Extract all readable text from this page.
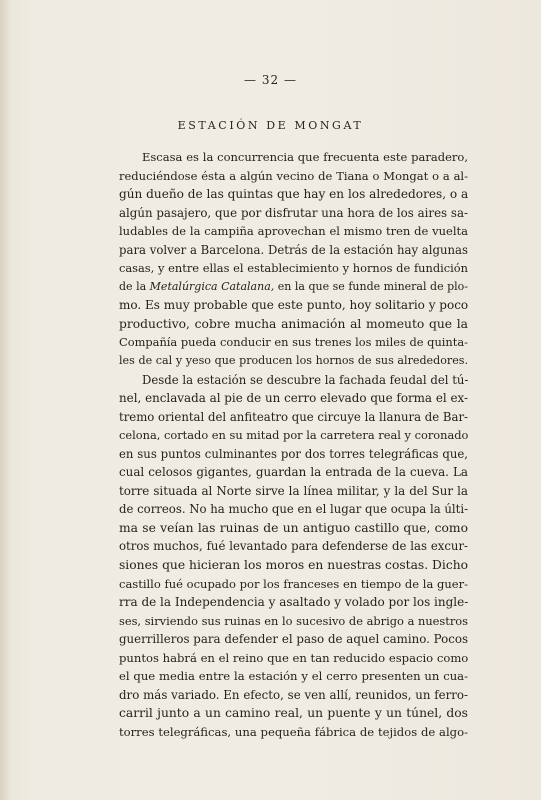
— 32 —
ESTACIÓN DE MONGAT
Escasa es la concurrencia que frecuenta este paradero,
reduciéndose ésta a algún vecino de Tiana o Mongat o a al-
gún dueño de las quintas que hay en los alrededores, o a
algún pasajero, que por disfrutar una hora de los aires sa-
ludables de la campiña aprovechan el mismo tren de vuelta
para volver a Barcelona. Detrás de la estación hay algunas
casas, y entre ellas el establecimiento y hornos de fundición
de la Metalúrgica Catalana, en la que se funde mineral de plo-
mo. Es muy probable que este punto, hoy solitario y poco
productivo, cobre mucha animación al momeuto que la
Compañía pueda conducir en sus trenes los miles de quinta-
les de cal y yeso que producen los hornos de sus alrededores.
Desde la estación se descubre la fachada feudal del tú-
nel, enclavada al pie de un cerro elevado que forma el ex-
tremo oriental del anfiteatro que circuye la llanura de Bar-
celona, cortado en su mitad por la carretera real y coronado
en sus puntos culminantes por dos torres telegráficas que,
cual celosos gigantes, guardan la entrada de la cueva. La
torre situada al Norte sirve la línea militar, y la del Sur la
de correos. No ha mucho que en el lugar que ocupa la últi-
ma se veían las ruinas de un antiguo castillo que, como
otros muchos, fué levantado para defenderse de las excur-
siones que hicieran los moros en nuestras costas. Dicho
castillo fué ocupado por los franceses en tiempo de la guer-
rra de la Independencia y asaltado y volado por los ingle-
ses, sirviendo sus ruinas en lo sucesivo de abrigo a nuestros
guerrilleros para defender el paso de aquel camino. Pocos
puntos habrá en el reino que en tan reducido espacio como
el que media entre la estación y el cerro presenten un cua-
dro más variado. En efecto, se ven allí, reunidos, un ferro-
carril junto a un camino real, un puente y un túnel, dos
torres telegráficas, una pequeña fábrica de tejidos de algo-
